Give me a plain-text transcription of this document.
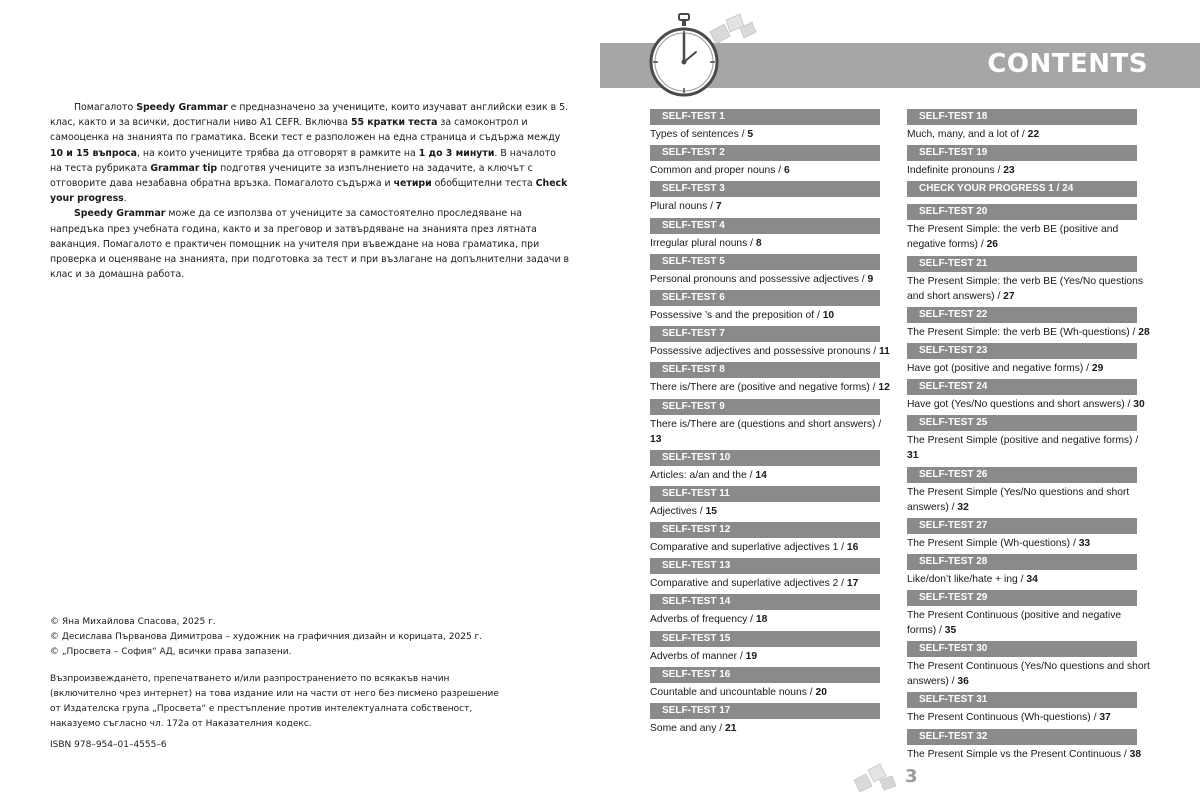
Помагалото Speedy Grammar е предназначено за учениците, които изучават английски език в 5. клас, както и за всички, достигнали ниво А1 CEFR. Включва 55 кратки теста за самоконтрол и самооценка на знанията по граматика. Всеки тест е разположен на една страница и съдържа между 10 и 15 въпроса, на които учениците трябва да отговорят в рамките на 1 до 3 минути. В началото на теста рубриката Grammar tip подготвя учениците за изпълнението на задачите, а ключът с отговорите дава незабавна обратна връзка. Помагалото съдържа и четири обобщителни теста Check your progress.

Speedy Grammar може да се използва от учениците за самостоятелно проследяване на напредъка през учебната година, както и за преговор и затвърдяване на знанията през лятната ваканция. Помагалото е практичен помощник на учителя при въвеждане на нова граматика, при проверка и оценяване на знанията, при подготовка за тест и при възлагане на допълнителни задачи в клас и за домашна работа.

© Яна Михайлова Спасова, 2025 г.
© Десислава Първанова Димитрова – художник на графичния дизайн и корицата, 2025 г.
© „Просвета – София“ АД, всички права запазени.
Възпроизвеждането, препечатването и/или разпространението по всякакъв начин
(включително чрез интернет) на това издание или на части от него без писмено разрешение
от Издателска група „Просвета“ е престъпление против интелектуалната собственост,
наказуемо съгласно чл. 172а от Наказателния кодекс.
ISBN 978–954–01–4555–6
CONTENTS
SELF-TEST 1
Types of sentences / 5
SELF-TEST 2
Common and proper nouns / 6
SELF-TEST 3
Plural nouns / 7
SELF-TEST 4
Irregular plural nouns / 8
SELF-TEST 5
Personal pronouns and possessive adjectives / 9
SELF-TEST 6
Possessive ’s and the preposition of / 10
SELF-TEST 7
Possessive adjectives and possessive pronouns / 11
SELF-TEST 8
There is/There are (positive and negative forms) / 12
SELF-TEST 9
There is/There are (questions and short answers) / 13
SELF-TEST 10
Articles: a/an and the / 14
SELF-TEST 11
Adjectives / 15
SELF-TEST 12
Comparative and superlative adjectives 1 / 16
SELF-TEST 13
Comparative and superlative adjectives 2 / 17
SELF-TEST 14
Adverbs of frequency / 18
SELF-TEST 15
Adverbs of manner / 19
SELF-TEST 16
Countable and uncountable nouns / 20
SELF-TEST 17
Some and any / 21
SELF-TEST 18
Much, many, and a lot of / 22
SELF-TEST 19
Indefinite pronouns / 23
CHECK YOUR PROGRESS 1 / 24
SELF-TEST 20
The Present Simple: the verb BE (positive and negative forms) / 26
SELF-TEST 21
The Present Simple: the verb BE (Yes/No questions and short answers) / 27
SELF-TEST 22
The Present Simple: the verb BE (Wh-questions) / 28
SELF-TEST 23
Have got (positive and negative forms) / 29
SELF-TEST 24
Have got (Yes/No questions and short answers) / 30
SELF-TEST 25
The Present Simple (positive and negative forms) / 31
SELF-TEST 26
The Present Simple (Yes/No questions and short answers) / 32
SELF-TEST 27
The Present Simple (Wh-questions) / 33
SELF-TEST 28
Like/don’t like/hate + ing / 34
SELF-TEST 29
The Present Continuous (positive and negative forms) / 35
SELF-TEST 30
The Present Continuous (Yes/No questions and short answers) / 36
SELF-TEST 31
The Present Continuous (Wh-questions) / 37
SELF-TEST 32
The Present Simple vs the Present Continuous / 38
3
